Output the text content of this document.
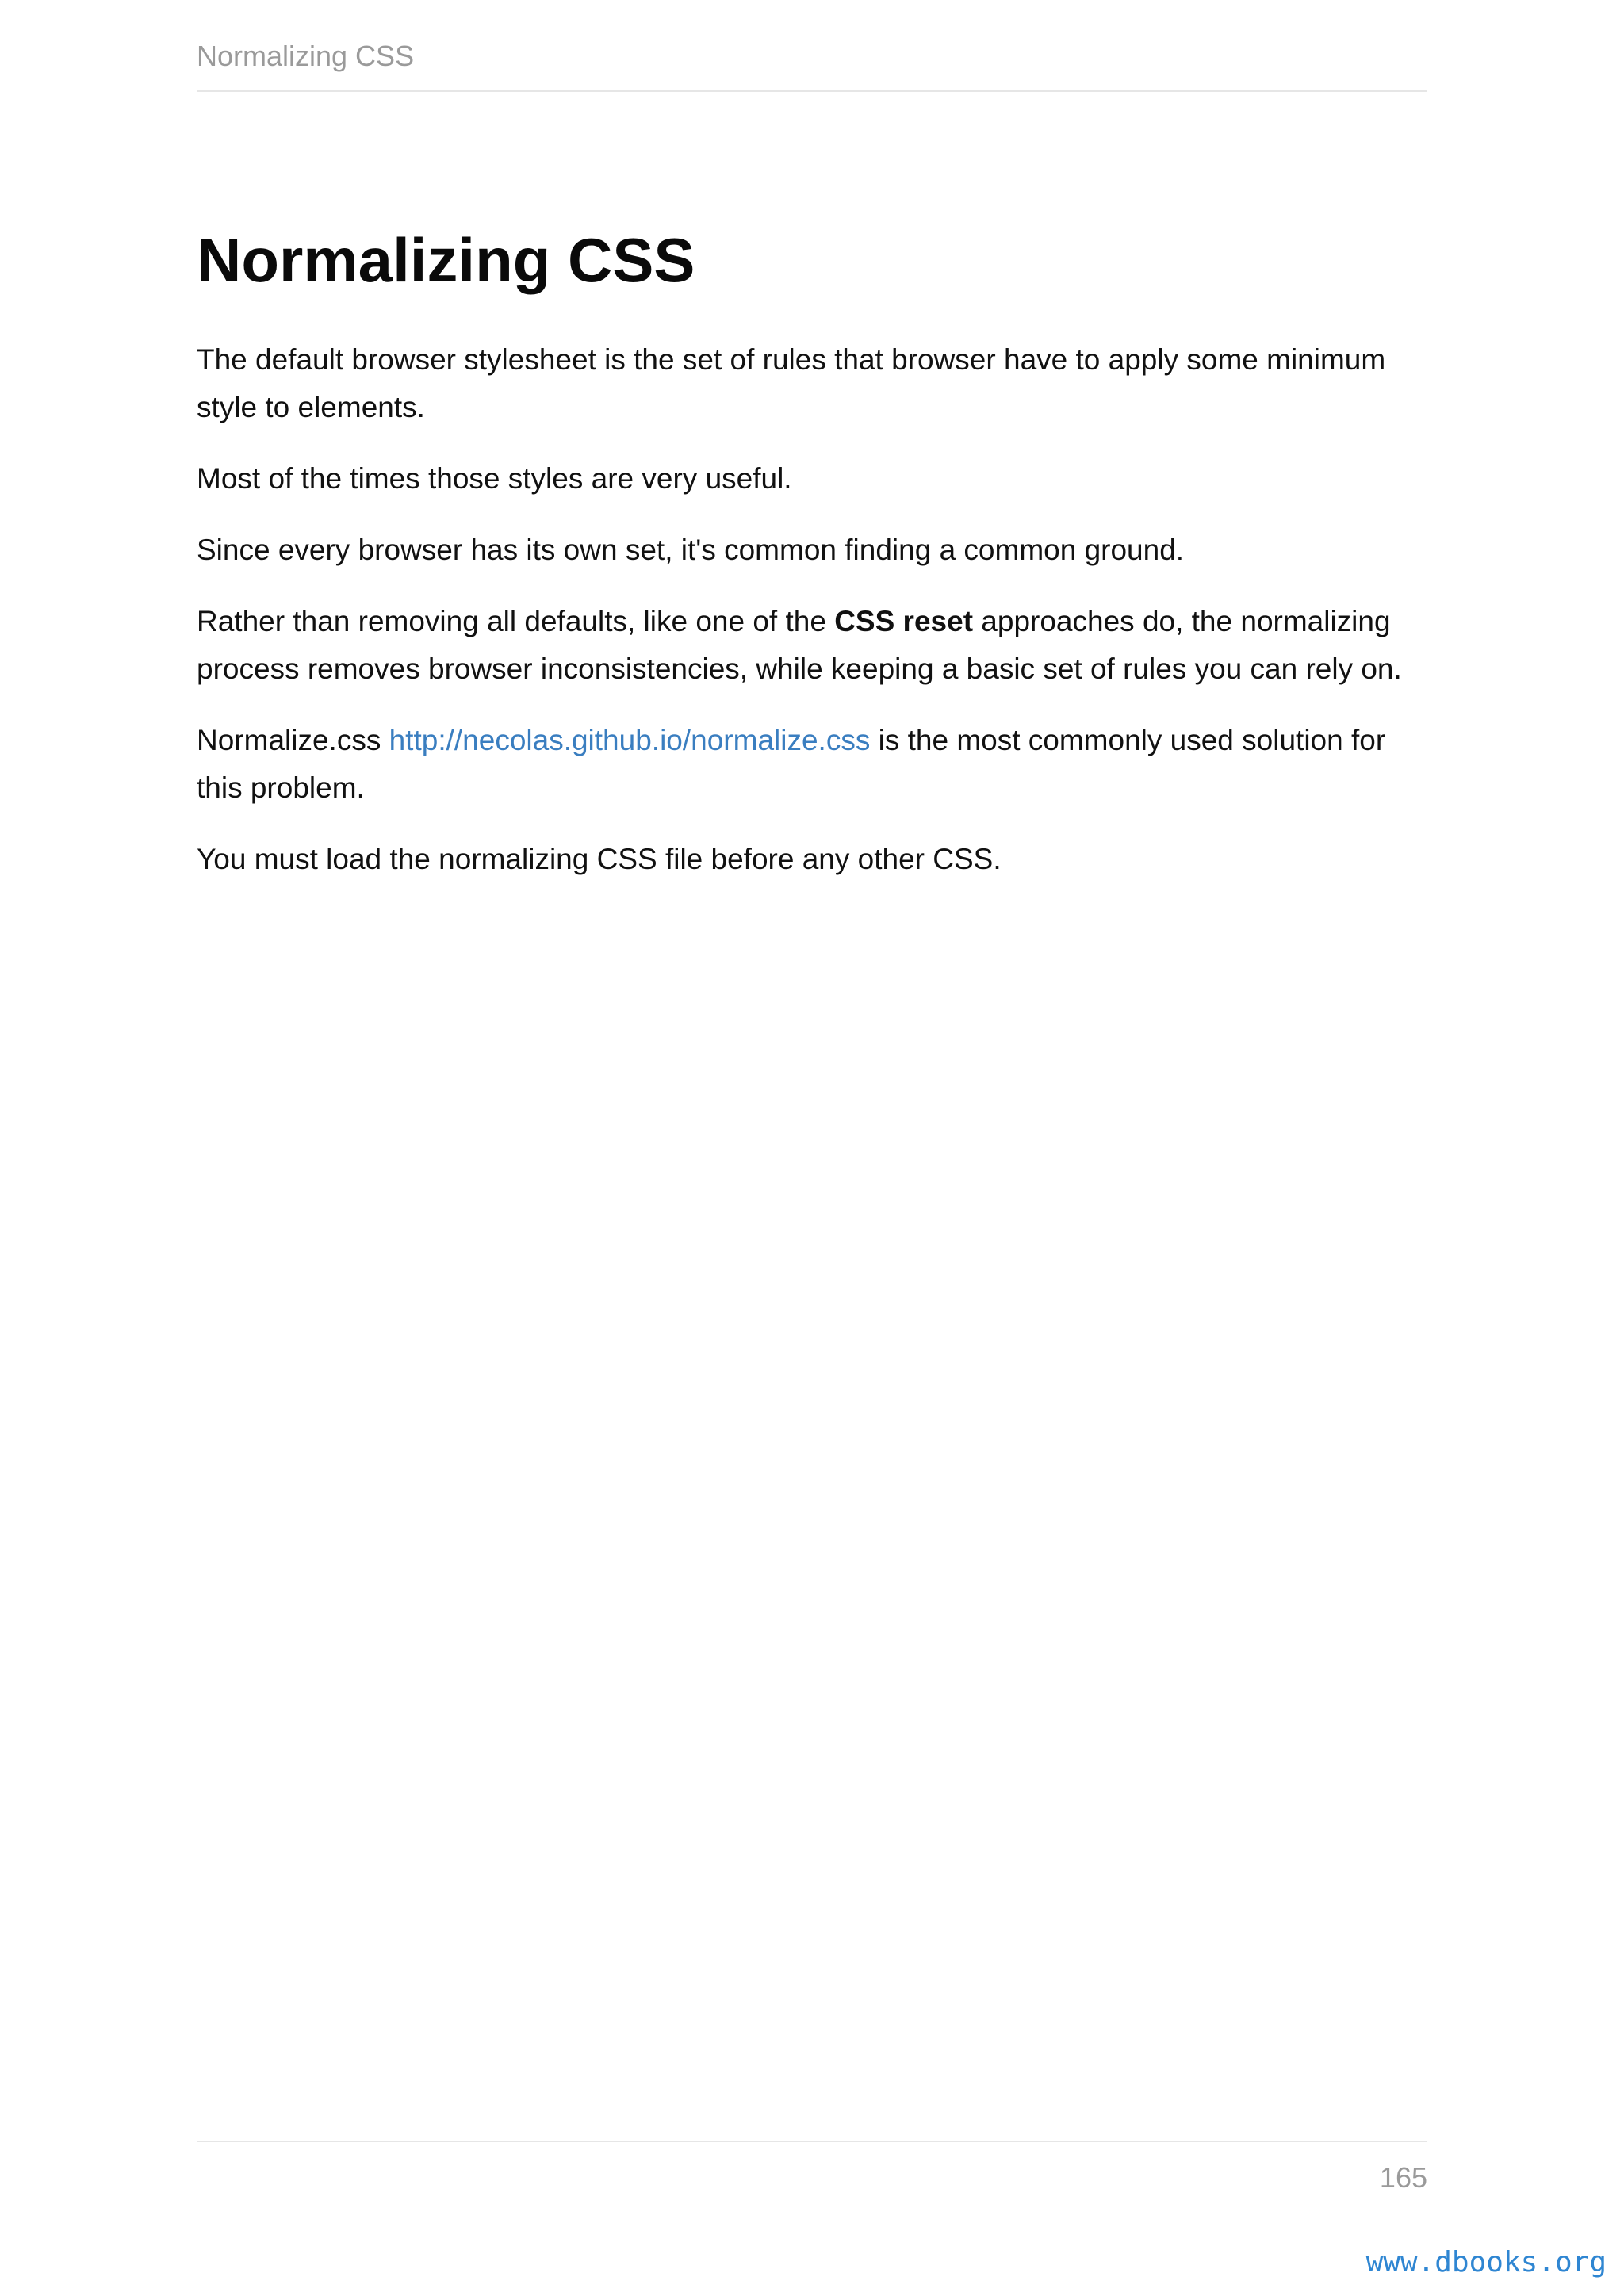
Normalizing CSS
Normalizing CSS

The default browser stylesheet is the set of rules that browser have to apply some minimum style to elements.

Most of the times those styles are very useful.

Since every browser has its own set, it's common finding a common ground.

Rather than removing all defaults, like one of the CSS reset approaches do, the normalizing process removes browser inconsistencies, while keeping a basic set of rules you can rely on.

Normalize.css http://necolas.github.io/normalize.css is the most commonly used solution for this problem.

You must load the normalizing CSS file before any other CSS.

165
www.dbooks.org
